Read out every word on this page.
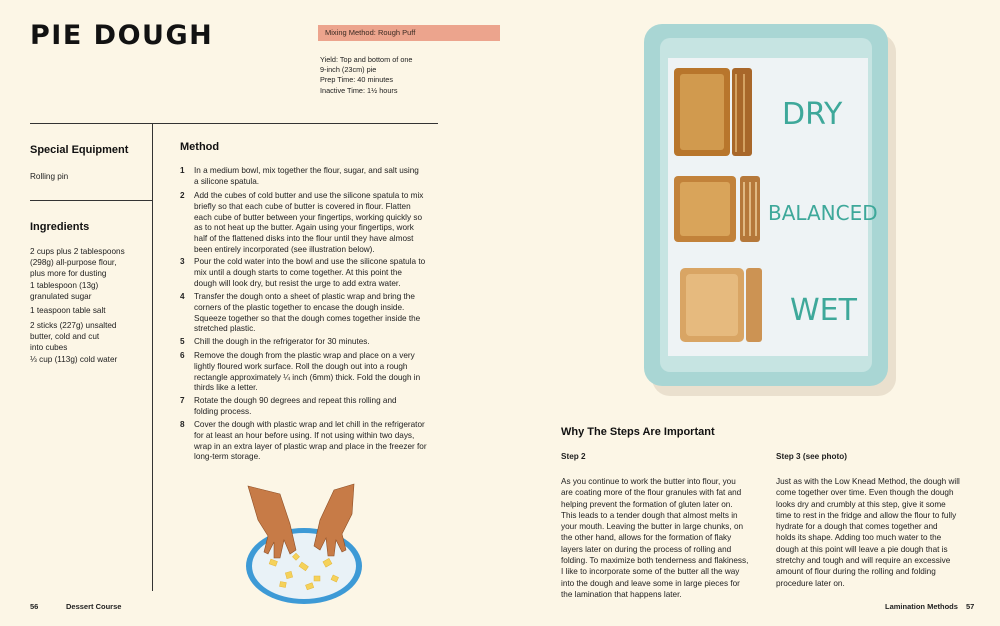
PIE DOUGH	Mixing Method: Rough Puff
Yield: Top and bottom of one
9-inch (23cm) pie
Prep Time: 40 minutes
Inactive Time: 1½ hours
Special Equipment
Rolling pin
Ingredients
2 cups plus 2 tablespoons
(298g) all-purpose flour,
plus more for dusting
1 tablespoon (13g)
granulated sugar
1 teaspoon table salt
2 sticks (227g) unsalted
butter, cold and cut
into cubes
⅓ cup (113g) cold water
Method
1 In a medium bowl, mix together the flour, sugar, and salt using
a silicone spatula.
2 Add the cubes of cold butter and use the silicone spatula to mix
briefly so that each cube of butter is covered in flour. Flatten
each cube of butter between your fingertips, working quickly so
as to not heat up the butter. Again using your fingertips, work
half of the flattened disks into the flour until they have almost
been entirely incorporated (see illustration below).
3 Pour the cold water into the bowl and use the silicone spatula to
mix until a dough starts to come together. At this point the
dough will look dry, but resist the urge to add extra water.
4 Transfer the dough onto a sheet of plastic wrap and bring the
corners of the plastic together to encase the dough inside.
Squeeze together so that the dough comes together inside the
stretched plastic.
5 Chill the dough in the refrigerator for 30 minutes.
6 Remove the dough from the plastic wrap and place on a very
lightly floured work surface. Roll the dough out into a rough
rectangle approximately ¼ inch (6mm) thick. Fold the dough in
thirds like a letter.
7 Rotate the dough 90 degrees and repeat this rolling and
folding process.
8 Cover the dough with plastic wrap and let chill in the refrigerator
for at least an hour before using. If not using within two days,
wrap in an extra layer of plastic wrap and place in the freezer for
long-term storage.
DRY
BALANCED
WET
Why The Steps Are Important
Step 2
As you continue to work the butter into flour, you
are coating more of the flour granules with fat and
helping prevent the formation of gluten later on.
This leads to a tender dough that almost melts in
your mouth. Leaving the butter in large chunks, on
the other hand, allows for the formation of flaky
layers later on during the process of rolling and
folding. To maximize both tenderness and flakiness,
I like to incorporate some of the butter all the way
into the dough and leave some in large pieces for
the lamination that happens later.
Step 3 (see photo)
Just as with the Low Knead Method, the dough will
come together over time. Even though the dough
looks dry and crumbly at this step, give it some
time to rest in the fridge and allow the flour to fully
hydrate for a dough that comes together and
holds its shape. Adding too much water to the
dough at this point will leave a pie dough that is
stretchy and tough and will require an excessive
amount of flour during the rolling and folding
procedure later on.
56	Dessert Course	Lamination Methods 57
